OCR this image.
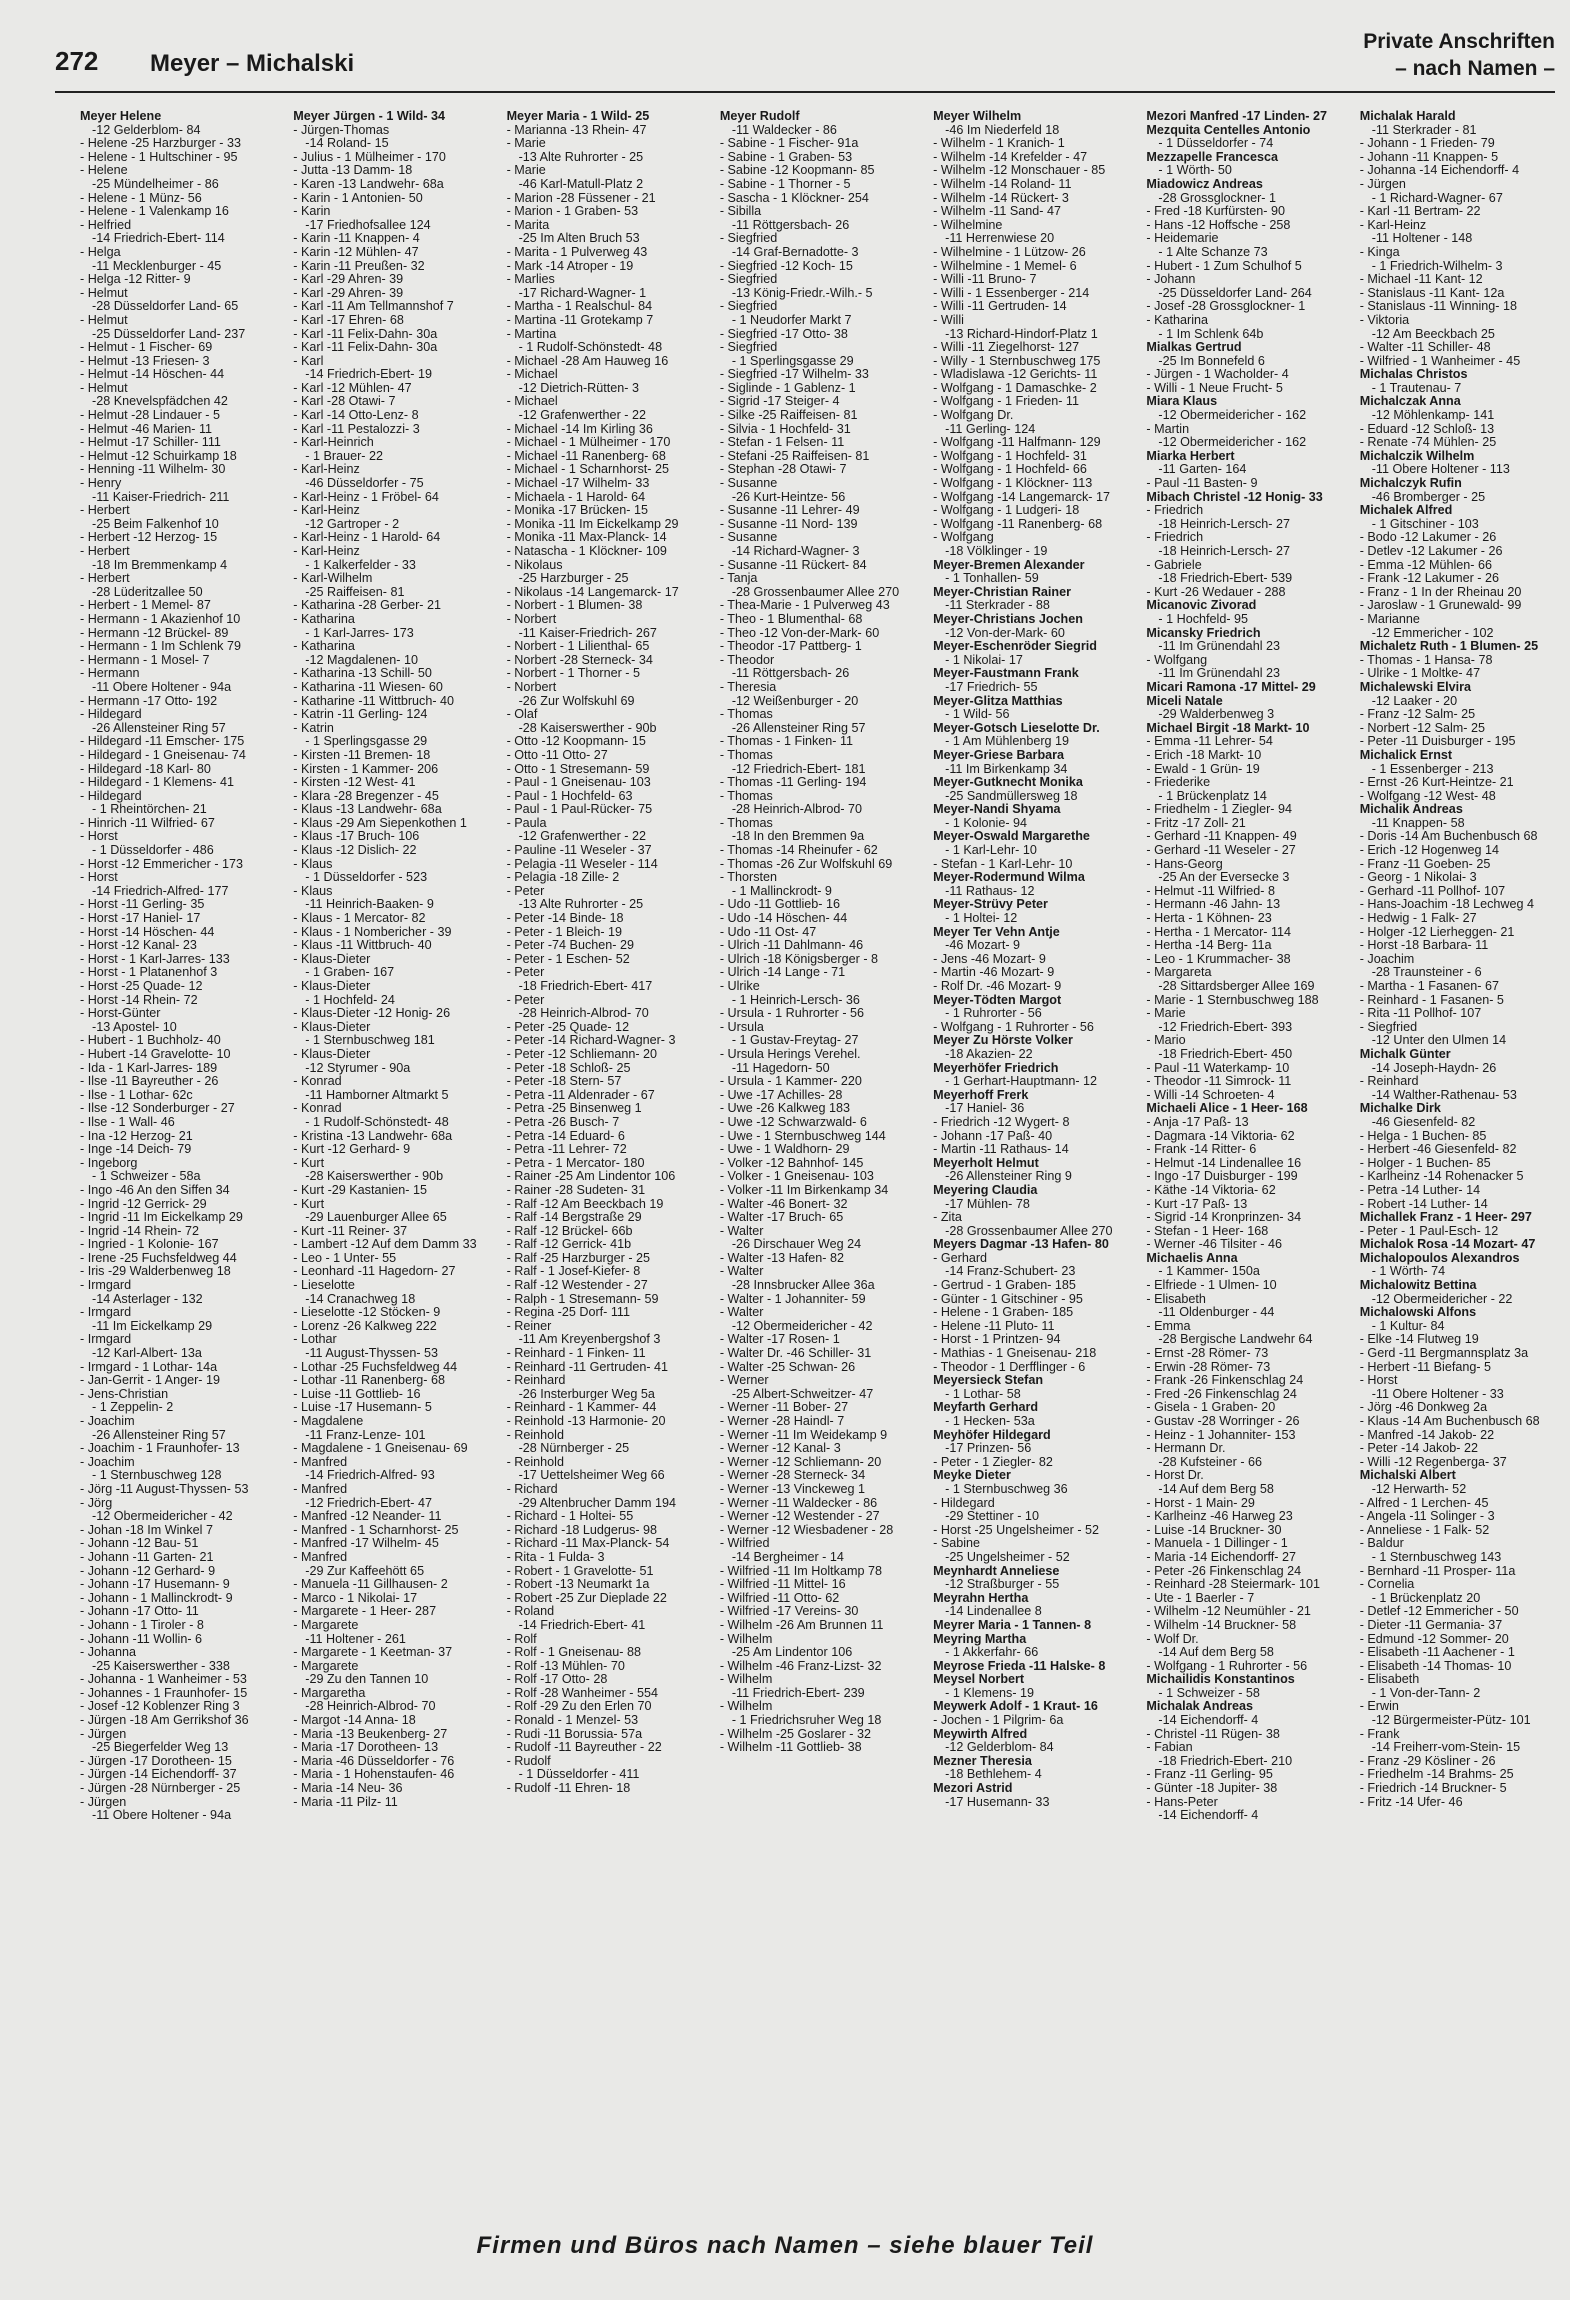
272 Meyer – Michalski
Private Anschriften
– nach Namen –
Meyer Helene
-12 Gelderblom- 84
- Helene -25 Harzburger - 33
- Helene - 1 Hultschiner - 95
- Helene
-25 Mündelheimer - 86
- Helene - 1 Münz- 56
- Helene - 1 Valenkamp 16
- Helfried
-14 Friedrich-Ebert- 114
- Helga
-11 Mecklenburger - 45
- Helga -12 Ritter- 9
- Helmut
-28 Düsseldorfer Land- 65
- Helmut
-25 Düsseldorfer Land- 237
- Helmut - 1 Fischer- 69
- Helmut -13 Friesen- 3
- Helmut -14 Höschen- 44
- Helmut
-28 Knevelspfädchen 42
- Helmut -28 Lindauer - 5
- Helmut -46 Marien- 11
- Helmut -17 Schiller- 111
- Helmut -12 Schuirkamp 18
- Henning -11 Wilhelm- 30
- Henry
-11 Kaiser-Friedrich- 211
- Herbert
-25 Beim Falkenhof 10
- Herbert -12 Herzog- 15
- Herbert
-18 Im Bremmenkamp 4
- Herbert
-28 Lüderitzallee 50
- Herbert - 1 Memel- 87
- Hermann - 1 Akazienhof 10
- Hermann -12 Brückel- 89
- Hermann - 1 Im Schlenk 79
- Hermann - 1 Mosel- 7
- Hermann
-11 Obere Holtener - 94a
- Hermann -17 Otto- 192
- Hildegard
-26 Allensteiner Ring 57
- Hildegard -11 Emscher- 175
- Hildegard - 1 Gneisenau- 74
- Hildegard -18 Karl- 80
- Hildegard - 1 Klemens- 41
- Hildegard
- 1 Rheintörchen- 21
- Hinrich -11 Wilfried- 67
- Horst
- 1 Düsseldorfer - 486
- Horst -12 Emmericher - 173
- Horst
-14 Friedrich-Alfred- 177
- Horst -11 Gerling- 35
- Horst -17 Haniel- 17
- Horst -14 Höschen- 44
- Horst -12 Kanal- 23
- Horst - 1 Karl-Jarres- 133
- Horst - 1 Platanenhof 3
- Horst -25 Quade- 12
- Horst -14 Rhein- 72
- Horst-Günter
-13 Apostel- 10
- Hubert - 1 Buchholz- 40
- Hubert -14 Gravelotte- 10
- Ida - 1 Karl-Jarres- 189
- Ilse -11 Bayreuther - 26
- Ilse - 1 Lothar- 62c
- Ilse -12 Sonderburger - 27
- Ilse - 1 Wall- 46
- Ina -12 Herzog- 21
- Inge -14 Deich- 79
- Ingeborg
- 1 Schweizer - 58a
- Ingo -46 An den Siffen 34
- Ingrid -12 Gerrick- 29
- Ingrid -11 Im Eickelkamp 29
- Ingrid -14 Rhein- 72
- Ingried - 1 Kolonie- 167
- Irene -25 Fuchsfeldweg 44
- Iris -29 Walderbenweg 18
- Irmgard
-14 Asterlager - 132
- Irmgard
-11 Im Eickelkamp 29
- Irmgard
-12 Karl-Albert- 13a
- Irmgard - 1 Lothar- 14a
- Jan-Gerrit - 1 Anger- 19
- Jens-Christian
- 1 Zeppelin- 2
- Joachim
-26 Allensteiner Ring 57
- Joachim - 1 Fraunhofer- 13
- Joachim
- 1 Sternbuschweg 128
- Jörg -11 August-Thyssen- 53
- Jörg
-12 Obermeidericher - 42
- Johan -18 Im Winkel 7
- Johann -12 Bau- 51
- Johann -11 Garten- 21
- Johann -12 Gerhard- 9
- Johann -17 Husemann- 9
- Johann - 1 Mallinckrodt- 9
- Johann -17 Otto- 11
- Johann - 1 Tiroler - 8
- Johann -11 Wollin- 6
- Johanna
-25 Kaiserswerther - 338
- Johanna - 1 Wanheimer - 53
- Johannes - 1 Fraunhofer- 15
- Josef -12 Koblenzer Ring 3
- Jürgen -18 Am Gerrikshof 36
- Jürgen
-25 Biegerfelder Weg 13
- Jürgen -17 Dorotheen- 15
- Jürgen -14 Eichendorff- 37
- Jürgen -28 Nürnberger - 25
- Jürgen
-11 Obere Holtener - 94a
Meyer Jürgen - 1 Wild- 34
- Jürgen-Thomas
-14 Roland- 15
- Julius - 1 Mülheimer - 170
- Jutta -13 Damm- 18
- Karen -13 Landwehr- 68a
- Karin - 1 Antonien- 50
- Karin
-17 Friedhofsallee 124
- Karin -11 Knappen- 4
- Karin -12 Mühlen- 47
- Karin -11 Preußen- 32
- Karl -29 Ahren- 39
- Karl -29 Ahren- 39
- Karl -11 Am Tellmannshof 7
- Karl -17 Ehren- 68
- Karl -11 Felix-Dahn- 30a
- Karl -11 Felix-Dahn- 30a
- Karl
-14 Friedrich-Ebert- 19
- Karl -12 Mühlen- 47
- Karl -28 Otawi- 7
- Karl -14 Otto-Lenz- 8
- Karl -11 Pestalozzi- 3
- Karl-Heinrich
- 1 Brauer- 22
- Karl-Heinz
-46 Düsseldorfer - 75
- Karl-Heinz - 1 Fröbel- 64
- Karl-Heinz
-12 Gartroper - 2
- Karl-Heinz - 1 Harold- 64
- Karl-Heinz
- 1 Kalkerfelder - 33
- Karl-Wilhelm
-25 Raiffeisen- 81
- Katharina -28 Gerber- 21
- Katharina
- 1 Karl-Jarres- 173
- Katharina
-12 Magdalenen- 10
- Katharina -13 Schill- 50
- Katharina -11 Wiesen- 60
- Katharine -11 Wittbruch- 40
- Katrin -11 Gerling- 124
- Katrin
- 1 Sperlingsgasse 29
- Kirsten -11 Bremen- 18
- Kirsten - 1 Kammer- 206
- Kirsten -12 West- 41
- Klara -28 Bregenzer - 45
- Klaus -13 Landwehr- 68a
- Klaus -29 Am Siepenkothen 1
- Klaus -17 Bruch- 106
- Klaus -12 Dislich- 22
- Klaus
- 1 Düsseldorfer - 523
- Klaus
-11 Heinrich-Baaken- 9
- Klaus - 1 Mercator- 82
- Klaus - 1 Nombericher - 39
- Klaus -11 Wittbruch- 40
- Klaus-Dieter
- 1 Graben- 167
- Klaus-Dieter
- 1 Hochfeld- 24
- Klaus-Dieter -12 Honig- 26
- Klaus-Dieter
- 1 Sternbuschweg 181
- Klaus-Dieter
-12 Styrumer - 90a
- Konrad
-11 Hamborner Altmarkt 5
- Konrad
- 1 Rudolf-Schönstedt- 48
- Kristina -13 Landwehr- 68a
- Kurt -12 Gerhard- 9
- Kurt
-28 Kaiserswerther - 90b
- Kurt -29 Kastanien- 15
- Kurt
-29 Lauenburger Allee 65
- Kurt -11 Reiner- 37
- Lambert -12 Auf dem Damm 33
- Leo - 1 Unter- 55
- Leonhard -11 Hagedorn- 27
- Lieselotte
-14 Cranachweg 18
- Lieselotte -12 Stöcken- 9
- Lorenz -26 Kalkweg 222
- Lothar
-11 August-Thyssen- 53
- Lothar -25 Fuchsfeldweg 44
- Lothar -11 Ranenberg- 68
- Luise -11 Gottlieb- 16
- Luise -17 Husemann- 5
- Magdalene
-11 Franz-Lenze- 101
- Magdalene - 1 Gneisenau- 69
- Manfred
-14 Friedrich-Alfred- 93
- Manfred
-12 Friedrich-Ebert- 47
- Manfred -12 Neander- 11
- Manfred - 1 Scharnhorst- 25
- Manfred -17 Wilhelm- 45
- Manfred
-29 Zur Kaffeehött 65
- Manuela -11 Gillhausen- 2
- Marco - 1 Nikolai- 17
- Margarete - 1 Heer- 287
- Margarete
-11 Holtener - 261
- Margarete - 1 Keetman- 37
- Margarete
-29 Zu den Tannen 10
- Margaretha
-28 Heinrich-Albrod- 70
- Margot -14 Anna- 18
- Maria -13 Beukenberg- 27
- Maria -17 Dorotheen- 13
- Maria -46 Düsseldorfer - 76
- Maria - 1 Hohenstaufen- 46
- Maria -14 Neu- 36
- Maria -11 Pilz- 11
Meyer Maria - 1 Wild- 25
- Marianna -13 Rhein- 47
- Marie
-13 Alte Ruhrorter - 25
- Marie
-46 Karl-Matull-Platz 2
- Marion -28 Füssener - 21
- Marion - 1 Graben- 53
- Marita
-25 Im Alten Bruch 53
- Marita - 1 Pulverweg 43
- Mark -14 Atroper - 19
- Marlies
-17 Richard-Wagner- 1
- Martha - 1 Realschul- 84
- Martina -11 Grotekamp 7
- Martina
- 1 Rudolf-Schönstedt- 48
- Michael -28 Am Hauweg 16
- Michael
-12 Dietrich-Rütten- 3
- Michael
-12 Grafenwerther - 22
- Michael -14 Im Kirling 36
- Michael - 1 Mülheimer - 170
- Michael -11 Ranenberg- 68
- Michael - 1 Scharnhorst- 25
- Michael -17 Wilhelm- 33
- Michaela - 1 Harold- 64
- Monika -17 Brücken- 15
- Monika -11 Im Eickelkamp 29
- Monika -11 Max-Planck- 14
- Natascha - 1 Klöckner- 109
- Nikolaus
-25 Harzburger - 25
- Nikolaus -14 Langemarck- 17
- Norbert - 1 Blumen- 38
- Norbert
-11 Kaiser-Friedrich- 267
- Norbert - 1 Lilienthal- 65
- Norbert -28 Sterneck- 34
- Norbert - 1 Thorner - 5
- Norbert
-26 Zur Wolfskuhl 69
- Olaf
-28 Kaiserswerther - 90b
- Otto -12 Koopmann- 15
- Otto -11 Otto- 27
- Otto - 1 Stresemann- 59
- Paul - 1 Gneisenau- 103
- Paul - 1 Hochfeld- 63
- Paul - 1 Paul-Rücker- 75
- Paula
-12 Grafenwerther - 22
- Pauline -11 Weseler - 37
- Pelagia -11 Weseler - 114
- Pelagia -18 Zille- 2
- Peter
-13 Alte Ruhrorter - 25
- Peter -14 Binde- 18
- Peter - 1 Bleich- 19
- Peter -74 Buchen- 29
- Peter - 1 Eschen- 52
- Peter
-18 Friedrich-Ebert- 417
- Peter
-28 Heinrich-Albrod- 70
- Peter -25 Quade- 12
- Peter -14 Richard-Wagner- 3
- Peter -12 Schliemann- 20
- Peter -18 Schloß- 25
- Peter -18 Stern- 57
- Petra -11 Aldenrader - 67
- Petra -25 Binsenweg 1
- Petra -26 Busch- 7
- Petra -14 Eduard- 6
- Petra -11 Lehrer- 72
- Petra - 1 Mercator- 180
- Rainer -25 Am Lindentor 106
- Rainer -28 Sudeten- 31
- Ralf -12 Am Beeckbach 19
- Ralf -14 Bergstraße 29
- Ralf -12 Brückel- 66b
- Ralf -12 Gerrick- 41b
- Ralf -25 Harzburger - 25
- Ralf - 1 Josef-Kiefer- 8
- Ralf -12 Westender - 27
- Ralph - 1 Stresemann- 59
- Regina -25 Dorf- 111
- Reiner
-11 Am Kreyenbergshof 3
- Reinhard - 1 Finken- 11
- Reinhard -11 Gertruden- 41
- Reinhard
-26 Insterburger Weg 5a
- Reinhard - 1 Kammer- 44
- Reinhold -13 Harmonie- 20
- Reinhold
-28 Nürnberger - 25
- Reinhold
-17 Uettelsheimer Weg 66
- Richard
-29 Altenbrucher Damm 194
- Richard - 1 Holtei- 55
- Richard -18 Ludgerus- 98
- Richard -11 Max-Planck- 54
- Rita - 1 Fulda- 3
- Robert - 1 Gravelotte- 51
- Robert -13 Neumarkt 1a
- Robert -25 Zur Dieplade 22
- Roland
-14 Friedrich-Ebert- 41
- Rolf
- Rolf - 1 Gneisenau- 88
- Rolf -13 Mühlen- 70
- Rolf -17 Otto- 28
- Rolf -28 Wanheimer - 554
- Rolf -29 Zu den Erlen 70
- Ronald - 1 Menzel- 53
- Rudi -11 Borussia- 57a
- Rudolf -11 Bayreuther - 22
- Rudolf
- 1 Düsseldorfer - 411
- Rudolf -11 Ehren- 18
Meyer Rudolf
-11 Waldecker - 86
- Sabine - 1 Fischer- 91a
- Sabine - 1 Graben- 53
- Sabine -12 Koopmann- 85
- Sabine - 1 Thorner - 5
- Sascha - 1 Klöckner- 254
- Sibilla
-11 Röttgersbach- 26
- Siegfried
-14 Graf-Bernadotte- 3
- Siegfried -12 Koch- 15
- Siegfried
-13 König-Friedr.-Wilh.- 5
- Siegfried
- 1 Neudorfer Markt 7
- Siegfried -17 Otto- 38
- Siegfried
- 1 Sperlingsgasse 29
- Siegfried -17 Wilhelm- 33
- Siglinde - 1 Gablenz- 1
- Sigrid -17 Steiger- 4
- Silke -25 Raiffeisen- 81
- Silvia - 1 Hochfeld- 31
- Stefan - 1 Felsen- 11
- Stefani -25 Raiffeisen- 81
- Stephan -28 Otawi- 7
- Susanne
-26 Kurt-Heintze- 56
- Susanne -11 Lehrer- 49
- Susanne -11 Nord- 139
- Susanne
-14 Richard-Wagner- 3
- Susanne -11 Rückert- 84
- Tanja
-28 Grossenbaumer Allee 270
- Thea-Marie - 1 Pulverweg 43
- Theo - 1 Blumenthal- 68
- Theo -12 Von-der-Mark- 60
- Theodor -17 Pattberg- 1
- Theodor
-11 Röttgersbach- 26
- Theresia
-12 Weißenburger - 20
- Thomas
-26 Allensteiner Ring 57
- Thomas - 1 Finken- 11
- Thomas
-12 Friedrich-Ebert- 181
- Thomas -11 Gerling- 194
- Thomas
-28 Heinrich-Albrod- 70
- Thomas
-18 In den Bremmen 9a
- Thomas -14 Rheinufer - 62
- Thomas -26 Zur Wolfskuhl 69
- Thorsten
- 1 Mallinckrodt- 9
- Udo -11 Gottlieb- 16
- Udo -14 Höschen- 44
- Udo -11 Ost- 47
- Ulrich -11 Dahlmann- 46
- Ulrich -18 Königsberger - 8
- Ulrich -14 Lange - 71
- Ulrike
- 1 Heinrich-Lersch- 36
- Ursula - 1 Ruhrorter - 56
- Ursula
- 1 Gustav-Freytag- 27
- Ursula Herings Verehel.
-11 Hagedorn- 50
- Ursula - 1 Kammer- 220
- Uwe -17 Achilles- 28
- Uwe -26 Kalkweg 183
- Uwe -12 Schwarzwald- 6
- Uwe - 1 Sternbuschweg 144
- Uwe - 1 Waldhorn- 29
- Volker -12 Bahnhof- 145
- Volker - 1 Gneisenau- 103
- Volker -11 Im Birkenkamp 34
- Walter -46 Bonert- 32
- Walter -17 Bruch- 65
- Walter
-26 Dirschauer Weg 24
- Walter -13 Hafen- 82
- Walter
-28 Innsbrucker Allee 36a
- Walter - 1 Johanniter- 59
- Walter
-12 Obermeidericher - 42
- Walter -17 Rosen- 1
- Walter Dr. -46 Schiller- 31
- Walter -25 Schwan- 26
- Werner
-25 Albert-Schweitzer- 47
- Werner -11 Bober- 27
- Werner -28 Haindl- 7
- Werner -11 Im Weidekamp 9
- Werner -12 Kanal- 3
- Werner -12 Schliemann- 20
- Werner -28 Sterneck- 34
- Werner -13 Vinckeweg 1
- Werner -11 Waldecker - 86
- Werner -12 Westender - 27
- Werner -12 Wiesbadener - 28
- Wilfried
-14 Bergheimer - 14
- Wilfried -11 Im Holtkamp 78
- Wilfried -11 Mittel- 16
- Wilfried -11 Otto- 62
- Wilfried -17 Vereins- 30
- Wilhelm -26 Am Brunnen 11
- Wilhelm
-25 Am Lindentor 106
- Wilhelm -46 Franz-Lizst- 32
- Wilhelm
-11 Friedrich-Ebert- 239
- Wilhelm
- 1 Friedrichsruher Weg 18
- Wilhelm -25 Goslarer - 32
- Wilhelm -11 Gottlieb- 38
Meyer Wilhelm
-46 Im Niederfeld 18
- Wilhelm - 1 Kranich- 1
- Wilhelm -14 Krefelder - 47
- Wilhelm -12 Monschauer - 85
- Wilhelm -14 Roland- 11
- Wilhelm -14 Rückert- 3
- Wilhelm -11 Sand- 47
- Wilhelmine
-11 Herrenwiese 20
- Wilhelmine - 1 Lützow- 26
- Wilhelmine - 1 Memel- 6
- Willi -11 Bruno- 7
- Willi - 1 Essenberger - 214
- Willi -11 Gertruden- 14
- Willi
-13 Richard-Hindorf-Platz 1
- Willi -11 Ziegelhorst- 127
- Willy - 1 Sternbuschweg 175
- Wladislawa -12 Gerichts- 11
- Wolfgang - 1 Damaschke- 2
- Wolfgang - 1 Frieden- 11
- Wolfgang Dr.
-11 Gerling- 124
- Wolfgang -11 Halfmann- 129
- Wolfgang - 1 Hochfeld- 31
- Wolfgang - 1 Hochfeld- 66
- Wolfgang - 1 Klöckner- 113
- Wolfgang -14 Langemarck- 17
- Wolfgang - 1 Ludgeri- 18
- Wolfgang -11 Ranenberg- 68
- Wolfgang
-18 Völklinger - 19
Meyer-Bremen Alexander
- 1 Tonhallen- 59
Meyer-Christian Rainer
-11 Sterkrader - 88
Meyer-Christians Jochen
-12 Von-der-Mark- 60
Meyer-Eschenröder Siegrid
- 1 Nikolai- 17
Meyer-Faustmann Frank
-17 Friedrich- 55
Meyer-Glitza Matthias
- 1 Wild- 56
Meyer-Gotsch Lieselotte Dr.
- 1 Am Mühlenberg 19
Meyer-Griese Barbara
-11 Im Birkenkamp 34
Meyer-Gutknecht Monika
-25 Sandmüllersweg 18
Meyer-Nandi Shyama
- 1 Kolonie- 94
Meyer-Oswald Margarethe
- 1 Karl-Lehr- 10
- Stefan - 1 Karl-Lehr- 10
Meyer-Rodermund Wilma
-11 Rathaus- 12
Meyer-Strüvy Peter
- 1 Holtei- 12
Meyer Ter Vehn Antje
-46 Mozart- 9
- Jens -46 Mozart- 9
- Martin -46 Mozart- 9
- Rolf Dr. -46 Mozart- 9
Meyer-Tödten Margot
- 1 Ruhrorter - 56
- Wolfgang - 1 Ruhrorter - 56
Meyer Zu Hörste Volker
-18 Akazien- 22
Meyerhöfer Friedrich
- 1 Gerhart-Hauptmann- 12
Meyerhoff Frerk
-17 Haniel- 36
- Friedrich -12 Wygert- 8
- Johann -17 Paß- 40
- Martin -11 Rathaus- 14
Meyerholt Helmut
-26 Allensteiner Ring 9
Meyering Claudia
-17 Mühlen- 78
- Zita
-28 Grossenbaumer Allee 270
Meyers Dagmar -13 Hafen- 80
- Gerhard
-14 Franz-Schubert- 23
- Gertrud - 1 Graben- 185
- Günter - 1 Gitschiner - 95
- Helene - 1 Graben- 185
- Helene -11 Pluto- 11
- Horst - 1 Printzen- 94
- Mathias - 1 Gneisenau- 218
- Theodor - 1 Derfflinger - 6
Meyersieck Stefan
- 1 Lothar- 58
Meyfarth Gerhard
- 1 Hecken- 53a
Meyhöfer Hildegard
-17 Prinzen- 56
- Peter - 1 Ziegler- 82
Meyke Dieter
- 1 Sternbuschweg 36
- Hildegard
-29 Stettiner - 10
- Horst -25 Ungelsheimer - 52
- Sabine
-25 Ungelsheimer - 52
Meynhardt Anneliese
-12 Straßburger - 55
Meyrahn Hertha
-14 Lindenallee 8
Meyrer Maria - 1 Tannen- 8
Meyring Martha
- 1 Akkerfahr- 66
Meyrose Frieda -11 Halske- 8
Meysel Norbert
- 1 Klemens- 19
Meywerk Adolf - 1 Kraut- 16
- Jochen - 1 Pilgrim- 6a
Meywirth Alfred
-12 Gelderblom- 84
Mezner Theresia
-18 Bethlehem- 4
Mezori Astrid
-17 Husemann- 33
Mezori Manfred -17 Linden- 27
Mezquita Centelles Antonio
- 1 Düsseldorfer - 74
Mezzapelle Francesca
- 1 Wörth- 50
Miadowicz Andreas
-28 Grossglockner- 1
- Fred -18 Kurfürsten- 90
- Hans -12 Hoffsche - 258
- Heidemarie
- 1 Alte Schanze 73
- Hubert - 1 Zum Schulhof 5
- Johann
-25 Düsseldorfer Land- 264
- Josef -28 Grossglockner- 1
- Katharina
- 1 Im Schlenk 64b
Mialkas Gertrud
-25 Im Bonnefeld 6
- Jürgen - 1 Wacholder- 4
- Willi - 1 Neue Frucht- 5
Miara Klaus
-12 Obermeidericher - 162
- Martin
-12 Obermeidericher - 162
Miarka Herbert
-11 Garten- 164
- Paul -11 Basten- 9
Mibach Christel -12 Honig- 33
- Friedrich
-18 Heinrich-Lersch- 27
- Friedrich
-18 Heinrich-Lersch- 27
- Gabriele
-18 Friedrich-Ebert- 539
- Kurt -26 Wedauer - 288
Micanovic Zivorad
- 1 Hochfeld- 95
Micansky Friedrich
-11 Im Grünendahl 23
- Wolfgang
-11 Im Grünendahl 23
Micari Ramona -17 Mittel- 29
Miceli Natale
-29 Walderbenweg 3
Michael Birgit -18 Markt- 10
- Emma -11 Lehrer- 54
- Erich -18 Markt- 10
- Ewald - 1 Grün- 19
- Friederike
- 1 Brückenplatz 14
- Friedhelm - 1 Ziegler- 94
- Fritz -17 Zoll- 21
- Gerhard -11 Knappen- 49
- Gerhard -11 Weseler - 27
- Hans-Georg
-25 An der Eversecke 3
- Helmut -11 Wilfried- 8
- Hermann -46 Jahn- 13
- Herta - 1 Köhnen- 23
- Hertha - 1 Mercator- 114
- Hertha -14 Berg- 11a
- Leo - 1 Krummacher- 38
- Margareta
-28 Sittardsberger Allee 169
- Marie - 1 Sternbuschweg 188
- Marie
-12 Friedrich-Ebert- 393
- Mario
-18 Friedrich-Ebert- 450
- Paul -11 Waterkamp- 10
- Theodor -11 Simrock- 11
- Willi -14 Schroeten- 4
Michaeli Alice - 1 Heer- 168
- Anja -17 Paß- 13
- Dagmara -14 Viktoria- 62
- Frank -14 Ritter- 6
- Helmut -14 Lindenallee 16
- Ingo -17 Duisburger - 199
- Käthe -14 Viktoria- 62
- Kurt -17 Paß- 13
- Sigrid -14 Kronprinzen- 34
- Stefan - 1 Heer- 168
- Werner -46 Tilsiter - 46
Michaelis Anna
- 1 Kammer- 150a
- Elfriede - 1 Ulmen- 10
- Elisabeth
-11 Oldenburger - 44
- Emma
-28 Bergische Landwehr 64
- Ernst -28 Römer- 73
- Erwin -28 Römer- 73
- Frank -26 Finkenschlag 24
- Fred -26 Finkenschlag 24
- Gisela - 1 Graben- 20
- Gustav -28 Worringer - 26
- Heinz - 1 Johanniter- 153
- Hermann Dr.
-28 Kufsteiner - 66
- Horst Dr.
-14 Auf dem Berg 58
- Horst - 1 Main- 29
- Karlheinz -46 Harweg 23
- Luise -14 Bruckner- 30
- Manuela - 1 Dillinger - 1
- Maria -14 Eichendorff- 27
- Peter -26 Finkenschlag 24
- Reinhard -28 Steiermark- 101
- Ute - 1 Baerler - 7
- Wilhelm -12 Neumühler - 21
- Wilhelm -14 Bruckner- 58
- Wolf Dr.
-14 Auf dem Berg 58
- Wolfgang - 1 Ruhrorter - 56
Michailidis Konstantinos
- 1 Schweizer - 58
Michalak Andreas
-14 Eichendorff- 4
- Christel -11 Rügen- 38
- Fabian
-18 Friedrich-Ebert- 210
- Franz -11 Gerling- 95
- Günter -18 Jupiter- 38
- Hans-Peter
-14 Eichendorff- 4
Michalak Harald
-11 Sterkrader - 81
- Johann - 1 Frieden- 79
- Johann -11 Knappen- 5
- Johanna -14 Eichendorff- 4
- Jürgen
- 1 Richard-Wagner- 67
- Karl -11 Bertram- 22
- Karl-Heinz
-11 Holtener - 148
- Kinga
- 1 Friedrich-Wilhelm- 3
- Michael -11 Kant- 12
- Stanislaus -11 Kant- 12a
- Stanislaus -11 Winning- 18
- Viktoria
-12 Am Beeckbach 25
- Walter -11 Schiller- 48
- Wilfried - 1 Wanheimer - 45
Michalas Christos
- 1 Trautenau- 7
Michalczak Anna
-12 Möhlenkamp- 141
- Eduard -12 Schloß- 13
- Renate -74 Mühlen- 25
Michalczik Wilhelm
-11 Obere Holtener - 113
Michalczyk Rufin
-46 Bromberger - 25
Michalek Alfred
- 1 Gitschiner - 103
- Bodo -12 Lakumer - 26
- Detlev -12 Lakumer - 26
- Emma -12 Mühlen- 66
- Frank -12 Lakumer - 26
- Franz - 1 In der Rheinau 20
- Jaroslaw - 1 Grunewald- 99
- Marianne
-12 Emmericher - 102
Michaletz Ruth - 1 Blumen- 25
- Thomas - 1 Hansa- 78
- Ulrike - 1 Moltke- 47
Michalewski Elvira
-12 Laaker - 20
- Franz -12 Salm- 25
- Norbert -12 Salm- 25
- Peter -11 Duisburger - 195
Michalick Ernst
- 1 Essenberger - 213
- Ernst -26 Kurt-Heintze- 21
- Wolfgang -12 West- 48
Michalik Andreas
-11 Knappen- 58
- Doris -14 Am Buchenbusch 68
- Erich -12 Hogenweg 14
- Franz -11 Goeben- 25
- Georg - 1 Nikolai- 3
- Gerhard -11 Pollhof- 107
- Hans-Joachim -18 Lechweg 4
- Hedwig - 1 Falk- 27
- Holger -12 Lierheggen- 21
- Horst -18 Barbara- 11
- Joachim
-28 Traunsteiner - 6
- Martha - 1 Fasanen- 67
- Reinhard - 1 Fasanen- 5
- Rita -11 Pollhof- 107
- Siegfried
-12 Unter den Ulmen 14
Michalk Günter
-14 Joseph-Haydn- 26
- Reinhard
-14 Walther-Rathenau- 53
Michalke Dirk
-46 Giesenfeld- 82
- Helga - 1 Buchen- 85
- Herbert -46 Giesenfeld- 82
- Holger - 1 Buchen- 85
- Karlheinz -14 Rohenacker 5
- Petra -14 Luther- 14
- Robert -14 Luther- 14
Michallek Franz - 1 Heer- 297
- Peter - 1 Paul-Esch- 12
Michalok Rosa -14 Mozart- 47
Michalopoulos Alexandros
- 1 Wörth- 74
Michalowitz Bettina
-12 Obermeidericher - 22
Michalowski Alfons
- 1 Kultur- 84
- Elke -14 Flutweg 19
- Gerd -11 Bergmannsplatz 3a
- Herbert -11 Biefang- 5
- Horst
-11 Obere Holtener - 33
- Jörg -46 Donkweg 2a
- Klaus -14 Am Buchenbusch 68
- Manfred -14 Jakob- 22
- Peter -14 Jakob- 22
- Willi -12 Regenberga- 37
Michalski Albert
-12 Herwarth- 52
- Alfred - 1 Lerchen- 45
- Angela -11 Solinger - 3
- Anneliese - 1 Falk- 52
- Baldur
- 1 Sternbuschweg 143
- Bernhard -11 Prosper- 11a
- Cornelia
- 1 Brückenplatz 20
- Detlef -12 Emmericher - 50
- Dieter -11 Germania- 37
- Edmund -12 Sommer- 20
- Elisabeth -11 Aachener - 1
- Elisabeth -14 Thomas- 10
- Elisabeth
- 1 Von-der-Tann- 2
- Erwin
-12 Bürgermeister-Pütz- 101
- Frank
-14 Freiherr-vom-Stein- 15
- Franz -29 Kösliner - 26
- Friedhelm -14 Brahms- 25
- Friedrich -14 Bruckner- 5
- Fritz -14 Ufer- 46
Firmen und Büros nach Namen – siehe blauer Teil
